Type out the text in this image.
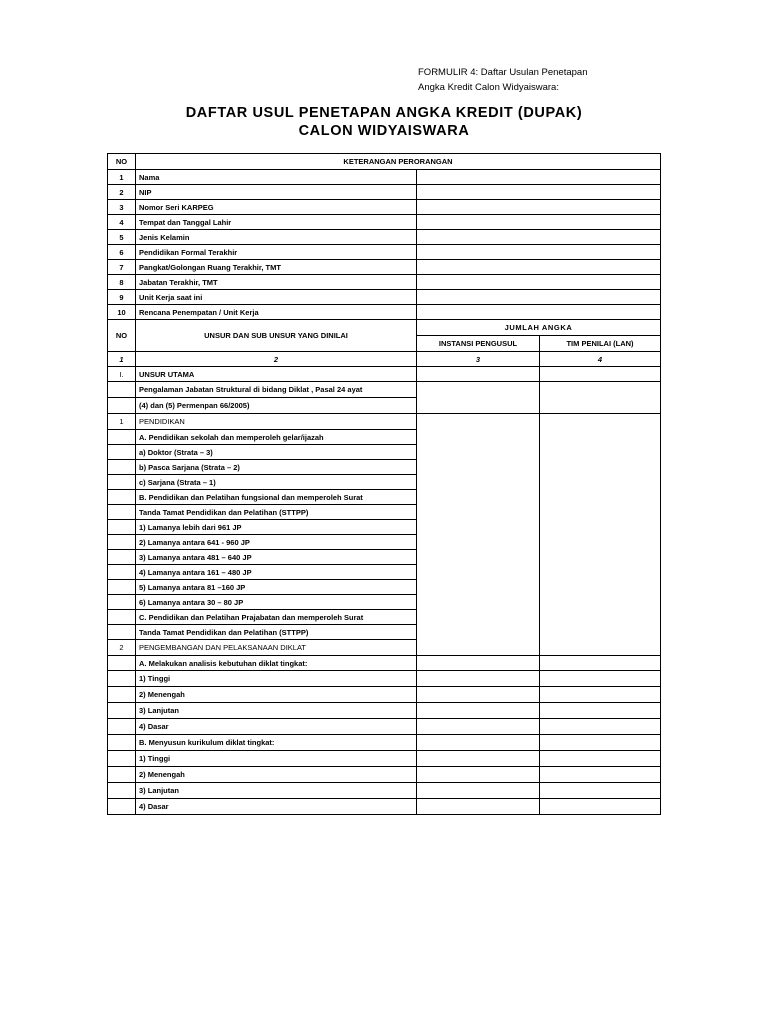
FORMULIR 4: Daftar Usulan Penetapan
Angka Kredit Calon Widyaiswara:
DAFTAR USUL PENETAPAN ANGKA KREDIT (DUPAK)
CALON WIDYAISWARA
NO	KETERANGAN PERORANGAN			
1	Nama			
2	NIP			
3	Nomor Seri KARPEG			
4	Tempat dan Tanggal Lahir			
5	Jenis Kelamin			
6	Pendidikan Formal Terakhir			
7	Pangkat/Golongan Ruang Terakhir, TMT			
8	Jabatan Terakhir, TMT			
9	Unit Kerja saat ini			
10	Rencana Penempatan / Unit Kerja			
NO	UNSUR DAN SUB UNSUR YANG DINILAI	JUMLAH ANGKA		
		INSTANSI PENGUSUL	TIM PENILAI (LAN)	
1	2	3	4	
I.	UNSUR UTAMA			
	Pengalaman Jabatan Struktural di bidang Diklat , Pasal 24 ayat			
	(4) dan (5) Permenpan 66/2005)			
1	PENDIDIKAN			
	A. Pendidikan sekolah dan memperoleh gelar/ijazah			
	a) Doktor (Strata – 3)			
	b) Pasca Sarjana (Strata – 2)			
	c) Sarjana (Strata – 1)			
	B. Pendidikan dan Pelatihan fungsional dan memperoleh Surat			
	Tanda Tamat Pendidikan dan Pelatihan (STTPP)			
	1) Lamanya lebih dari 961 JP			
	2) Lamanya antara 641 - 960 JP			
	3) Lamanya antara 481 – 640 JP			
	4) Lamanya antara 161 – 480 JP			
	5) Lamanya antara 81 –160 JP			
	6) Lamanya antara 30 – 80 JP			
	C. Pendidikan dan Pelatihan Prajabatan dan memperoleh Surat			
	Tanda Tamat Pendidikan dan Pelatihan (STTPP)			
2	PENGEMBANGAN DAN PELAKSANAAN DIKLAT			
	A. Melakukan analisis kebutuhan diklat tingkat:			
	1) Tinggi			
	2) Menengah			
	3) Lanjutan			
	4) Dasar			
	B. Menyusun kurikulum diklat tingkat:			
	1) Tinggi			
	2) Menengah			
	3) Lanjutan			
	4) Dasar			
